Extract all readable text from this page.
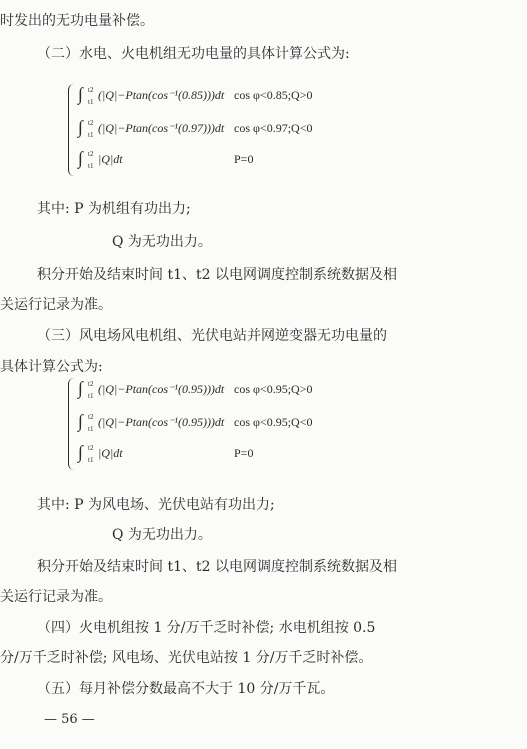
时发出的无功电量补偿。
（二）水电、火电机组无功电量的具体计算公式为:
∫ t2
t1 (|Q|−Ptan(cos⁻¹(0.85)))dt cos φ<0.85;Q>0
∫ t2
t1 (|Q|−Ptan(cos⁻¹(0.97)))dt cos φ<0.97;Q<0
∫ t2
t1 |Q|dt	P=0
其中: P 为机组有功出力;
Q 为无功出力。
积分开始及结束时间 t1、t2 以电网调度控制系统数据及相
关运行记录为准。
（三）风电场风电机组、光伏电站并网逆变器无功电量的
具体计算公式为:
∫ t2
t1 (|Q|−Ptan(cos⁻¹(0.95)))dt cos φ<0.95;Q>0
∫ t2
t1 (|Q|−Ptan(cos⁻¹(0.95)))dt cos φ<0.95;Q<0
∫ t2
t1 |Q|dt	P=0
其中: P 为风电场、光伏电站有功出力;
Q 为无功出力。
积分开始及结束时间 t1、t2 以电网调度控制系统数据及相
关运行记录为准。
（四）火电机组按 1 分/万千乏时补偿; 水电机组按 0.5
分/万千乏时补偿; 风电场、光伏电站按 1 分/万千乏时补偿。
（五）每月补偿分数最高不大于 10 分/万千瓦。
— 56 —
